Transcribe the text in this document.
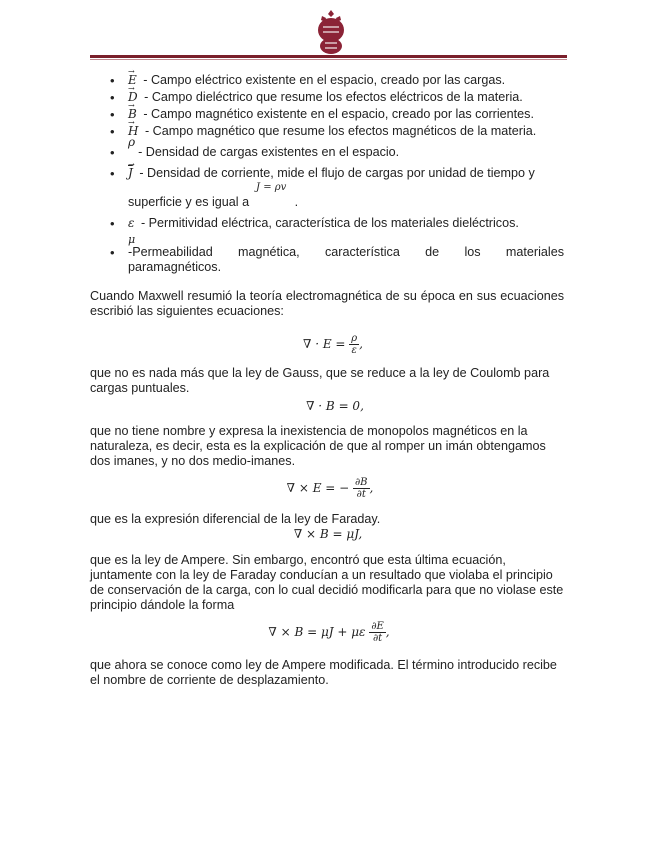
• → E - Campo eléctrico existente en el espacio, creado por las cargas.
• → D - Campo dieléctrico que resume los efectos eléctricos de la materia.
• → B - Campo magnético existente en el espacio, creado por las corrientes.
• → H - Campo magnético que resume los efectos magnéticos de la materia.
•
ρ- Densidad de cargas existentes en el espacio.
• → $\overline{J}$ - Densidad de corriente, mide el flujo de cargas por unidad de tiempo y
J = ρv
superficie y es igual a             .
• ε - Permitividad eléctrica, característica de los materiales dieléctricos.
•
μ
-Permeabilidad magnética, característica de los materiales
paramagnéticos.

Cuando Maxwell resumió la teoría electromagnética de su época en sus ecuaciones escribió las siguientes ecuaciones:

∇ · $E = \frac{\rho}{\varepsilon}$ ,

que no es nada más que la ley de Gauss, que se reduce a la ley de Coulomb para cargas puntuales.

∇ · B = 0,

que no tiene nombre y expresa la inexistencia de monopolos magnéticos en la naturaleza, es decir, esta es la explicación de que al romper un imán obtengamos dos imanes, y no dos medio-imanes.

∇ × E = − $\frac{\partial B}{\partial t}$ ,

que es la expresión diferencial de la ley de Faraday.

∇ × B = μJ,

que es la ley de Ampere. Sin embargo, encontró que esta última ecuación, juntamente con la ley de Faraday conducían a un resultado que violaba el principio de conservación de la carga, con lo cual decidió modificarla para que no violase este principio dándole la forma

∇ × B = μJ + με $\frac{\partial E}{\partial t}$ ,

que ahora se conoce como ley de Ampere modificada. El término introducido recibe el nombre de corriente de desplazamiento.
